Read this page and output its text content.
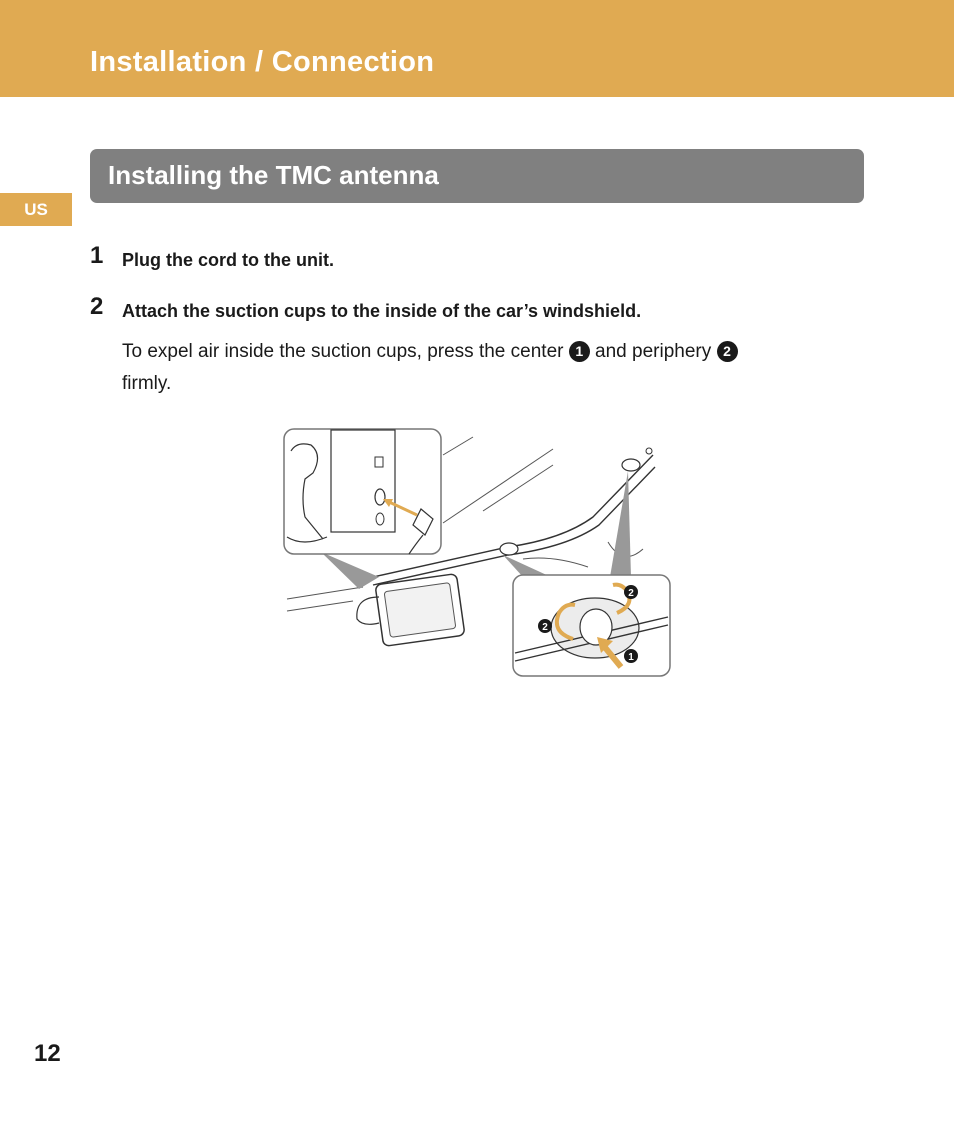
Installation / Connection
US
Installing the TMC antenna
1 Plug the cord to the unit.
2 Attach the suction cups to the inside of the car’s windshield.
To expel air inside the suction cups, press the center 1 and periphery 2
firmly.
2
2
1
12
